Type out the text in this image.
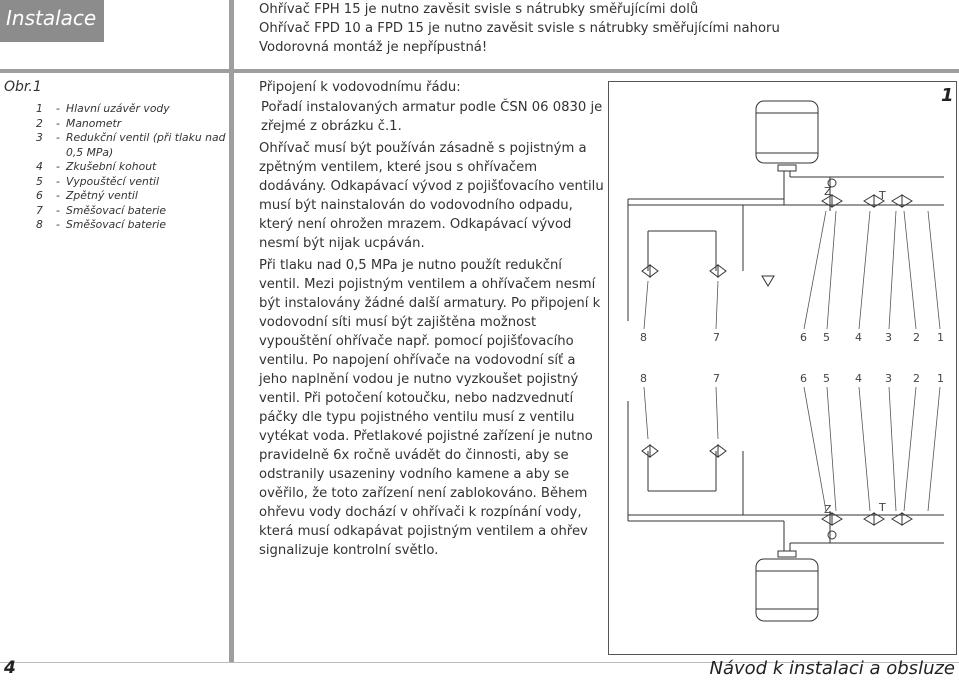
Instalace	Ohřívač FPH 15 je nutno zavěsit svisle s nátrubky směřujícími dolů
Ohřívač FPD 10 a FPD 15 je nutno zavěsit svisle s nátrubky směřujícími nahoru
Vodorovná montáž je nepřípustná!
Obr.1
1	- Hlavní uzávěr vody
2	- Manometr
3	- Redukční ventil (při tlaku nad 0,5 MPa)
4	- Zkušební kohout
5	- Vypouštěcí ventil
6	- Zpětný ventil
7	- Směšovací baterie
8	- Směšovací baterie

Připojení k vodovodnímu řádu:

Pořadí instalovaných armatur podle ČSN 06 0830 je zřejmé z obrázku č.1.

Ohřívač musí být používán zásadně s pojistným a zpětným ventilem, které jsou s ohřívačem dodávány. Odkapávací vývod z pojišťovacího ventilu musí být nainstalován do vodovodního odpadu, který není ohrožen mrazem. Odkapávací vývod nesmí být nijak ucpáván.

Při tlaku nad 0,5 MPa je nutno použít redukční ventil. Mezi pojistným ventilem a ohřívačem nesmí být instalovány žádné další armatury. Po připojení k vodovodní síti musí být zajištěna možnost vypouštění ohřívače např. pomocí pojišťovacího ventilu. Po napojení ohřívače na vodovodní síť a jeho naplnění vodou je nutno vyzkoušet pojistný ventil. Při potočení kotoučku, nebo nadzvednutí páčky dle typu pojistného ventilu musí z ventilu vytékat voda. Přetlakové pojistné zařízení je nutno pravidelně 6x ročně uvádět do činnosti, aby se odstranily usazeniny vodního kamene a aby se ověřilo, že toto zařízení není zablokováno. Během ohřevu vody dochází v ohřívači k rozpínání vody, která musí odkapávat pojistným ventilem a ohřev signalizuje kontrolní světlo.

1
Z	T
8	7	6 5 4 3 2 1
8	7	6 5 4 3 2 1
Z	T
4	Návod k instalaci a obsluze
